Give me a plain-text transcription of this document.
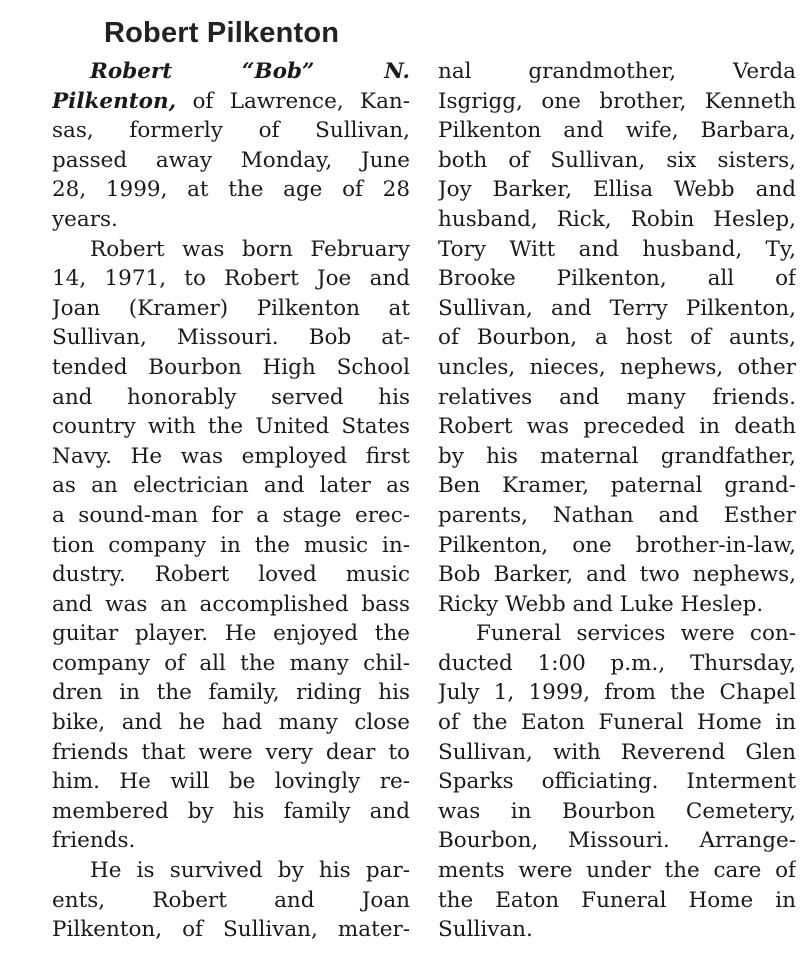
Robert Pilkenton
Robert “Bob” N.
Pilkenton, of Lawrence, Kan-
sas, formerly of Sullivan,
passed away Monday, June
28, 1999, at the age of 28
years.
Robert was born February
14, 1971, to Robert Joe and
Joan (Kramer) Pilkenton at
Sullivan, Missouri. Bob at-
tended Bourbon High School
and honorably served his
country with the United States
Navy. He was employed first
as an electrician and later as
a sound-man for a stage erec-
tion company in the music in-
dustry. Robert loved music
and was an accomplished bass
guitar player. He enjoyed the
company of all the many chil-
dren in the family, riding his
bike, and he had many close
friends that were very dear to
him. He will be lovingly re-
membered by his family and
friends.
He is survived by his par-
ents, Robert and Joan
Pilkenton, of Sullivan, mater-
nal grandmother, Verda
Isgrigg, one brother, Kenneth
Pilkenton and wife, Barbara,
both of Sullivan, six sisters,
Joy Barker, Ellisa Webb and
husband, Rick, Robin Heslep,
Tory Witt and husband, Ty,
Brooke Pilkenton, all of
Sullivan, and Terry Pilkenton,
of Bourbon, a host of aunts,
uncles, nieces, nephews, other
relatives and many friends.
Robert was preceded in death
by his maternal grandfather,
Ben Kramer, paternal grand-
parents, Nathan and Esther
Pilkenton, one brother-in-law,
Bob Barker, and two nephews,
Ricky Webb and Luke Heslep.
Funeral services were con-
ducted 1:00 p.m., Thursday,
July 1, 1999, from the Chapel
of the Eaton Funeral Home in
Sullivan, with Reverend Glen
Sparks officiating. Interment
was in Bourbon Cemetery,
Bourbon, Missouri. Arrange-
ments were under the care of
the Eaton Funeral Home in
Sullivan.
